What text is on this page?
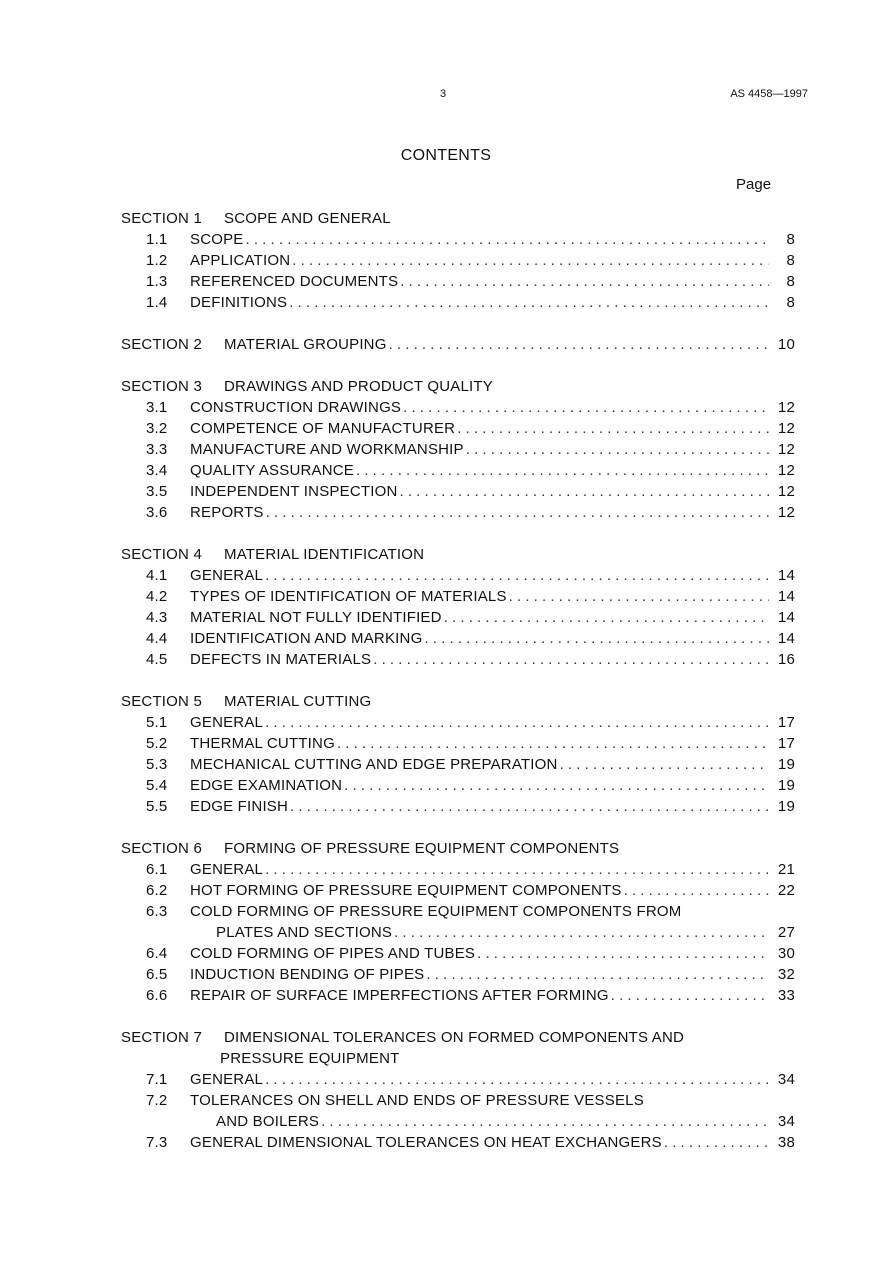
3	AS 4458—1997
CONTENTS
Page
SECTION 1 SCOPE AND GENERAL
1.1	SCOPE . . .	8
1.2	APPLICATION . . .	8
1.3	REFERENCED DOCUMENTS . . .	8
1.4	DEFINITIONS . . .	8
SECTION 2	MATERIAL GROUPING . . .	10
SECTION 3 DRAWINGS AND PRODUCT QUALITY
3.1	CONSTRUCTION DRAWINGS . . .	12
3.2	COMPETENCE OF MANUFACTURER . . .	12
3.3	MANUFACTURE AND WORKMANSHIP . . .	12
3.4	QUALITY ASSURANCE . . .	12
3.5	INDEPENDENT INSPECTION . . .	12
3.6	REPORTS . . .	12
SECTION 4 MATERIAL IDENTIFICATION
4.1	GENERAL . . .	14
4.2	TYPES OF IDENTIFICATION OF MATERIALS . . .	14
4.3	MATERIAL NOT FULLY IDENTIFIED . . .	14
4.4	IDENTIFICATION AND MARKING . . .	14
4.5	DEFECTS IN MATERIALS . . .	16
SECTION 5 MATERIAL CUTTING
5.1	GENERAL . . .	17
5.2	THERMAL CUTTING . . .	17
5.3	MECHANICAL CUTTING AND EDGE PREPARATION . . .	19
5.4	EDGE EXAMINATION . . .	19
5.5	EDGE FINISH . . .	19
SECTION 6 FORMING OF PRESSURE EQUIPMENT COMPONENTS
6.1	GENERAL . . .	21
6.2	HOT FORMING OF PRESSURE EQUIPMENT COMPONENTS . . .	22
6.3	COLD FORMING OF PRESSURE EQUIPMENT COMPONENTS FROM
PLATES AND SECTIONS . . .	27
6.4	COLD FORMING OF PIPES AND TUBES . . .	30
6.5	INDUCTION BENDING OF PIPES . . .	32
6.6	REPAIR OF SURFACE IMPERFECTIONS AFTER FORMING . . .	33
SECTION 7 DIMENSIONAL TOLERANCES ON FORMED COMPONENTS AND
PRESSURE EQUIPMENT
7.1	GENERAL . . .	34
7.2	TOLERANCES ON SHELL AND ENDS OF PRESSURE VESSELS
AND BOILERS . . .	34
7.3	GENERAL DIMENSIONAL TOLERANCES ON HEAT EXCHANGERS . . .	38
